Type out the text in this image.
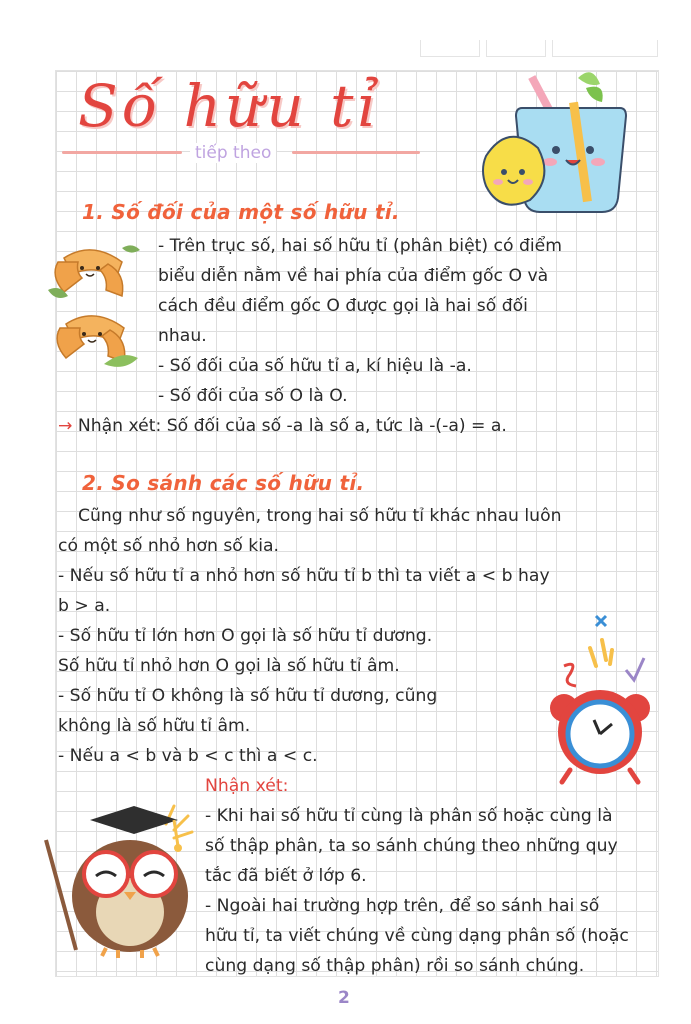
Số hữu tỉ
tiếp theo
1. Số đối của một số hữu tỉ.
- Trên trục số, hai số hữu tỉ (phân biệt) có điểm
biểu diễn nằm về hai phía của điểm gốc O và
cách đều điểm gốc O được gọi là hai số đối
nhau.
- Số đối của số hữu tỉ a, kí hiệu là -a.
- Số đối của số O là O.
→ Nhận xét: Số đối của số -a là số a, tức là -(-a) = a.
2. So sánh các số hữu tỉ.
Cũng như số nguyên, trong hai số hữu tỉ khác nhau luôn
có một số nhỏ hơn số kia.
- Nếu số hữu tỉ a nhỏ hơn số hữu tỉ b thì ta viết a < b hay
b > a.
- Số hữu tỉ lớn hơn O gọi là số hữu tỉ dương.
Số hữu tỉ nhỏ hơn O gọi là số hữu tỉ âm.
- Số hữu tỉ O không là số hữu tỉ dương, cũng
không là số hữu tỉ âm.
- Nếu a < b và b < c thì a < c.
Nhận xét:
- Khi hai số hữu tỉ cùng là phân số hoặc cùng là
số thập phân, ta so sánh chúng theo những quy
tắc đã biết ở lớp 6.
- Ngoài hai trường hợp trên, để so sánh hai số
hữu tỉ, ta viết chúng về cùng dạng phân số (hoặc
cùng dạng số thập phân) rồi so sánh chúng.
2
